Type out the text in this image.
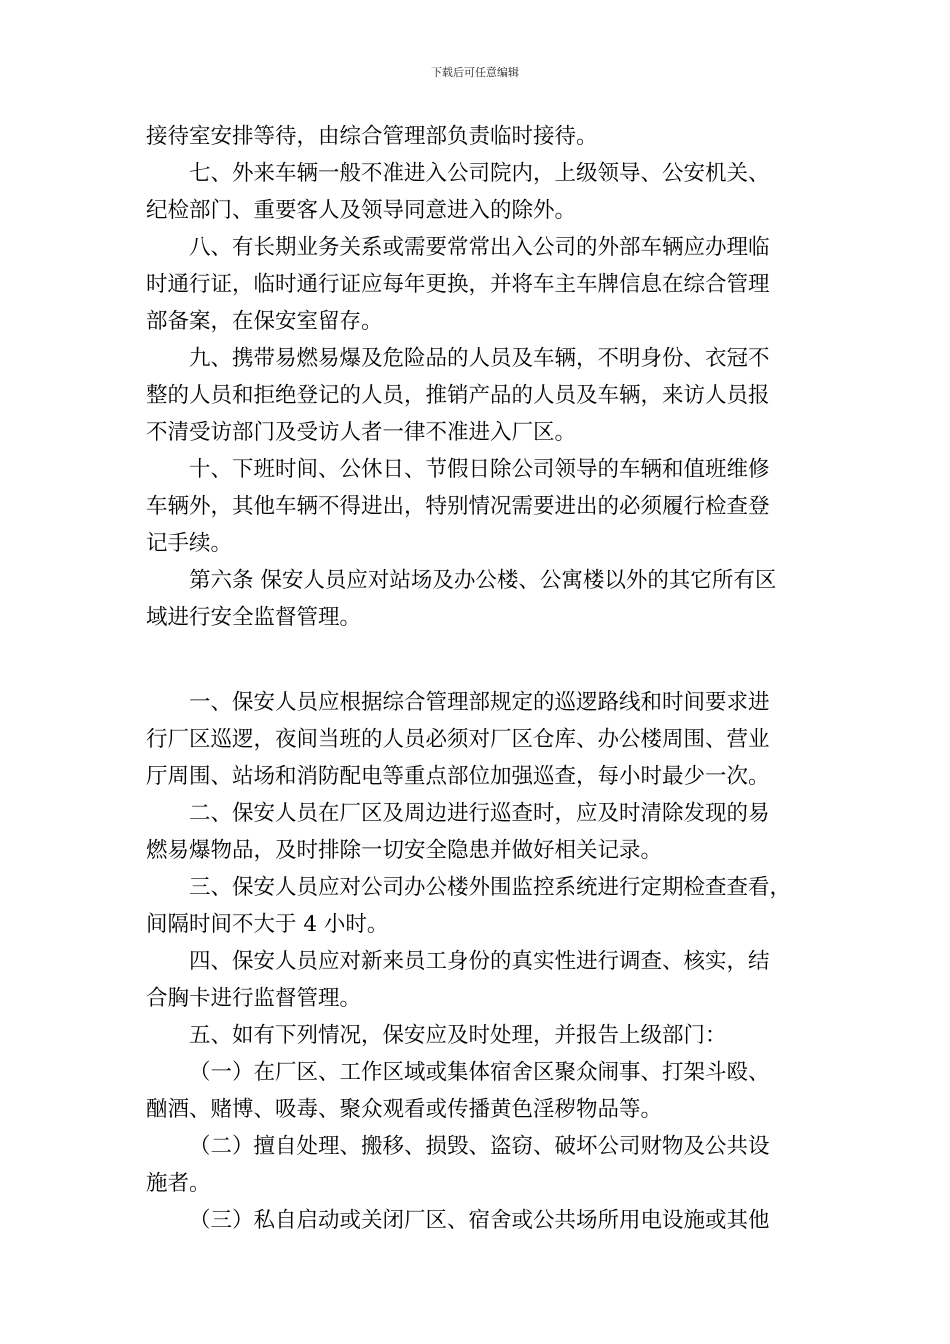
下载后可任意编辑
接待室安排等待，由综合管理部负责临时接待。
七、外来车辆一般不准进入公司院内，上级领导、公安机关、
纪检部门、重要客人及领导同意进入的除外。
八、有长期业务关系或需要常常出入公司的外部车辆应办理临
时通行证，临时通行证应每年更换，并将车主车牌信息在综合管理
部备案，在保安室留存。
九、携带易燃易爆及危险品的人员及车辆，不明身份、衣冠不
整的人员和拒绝登记的人员，推销产品的人员及车辆，来访人员报
不清受访部门及受访人者一律不准进入厂区。
十、下班时间、公休日、节假日除公司领导的车辆和值班维修
车辆外，其他车辆不得进出，特别情况需要进出的必须履行检查登
记手续。
第六条 保安人员应对站场及办公楼、公寓楼以外的其它所有区
域进行安全监督管理。
一、保安人员应根据综合管理部规定的巡逻路线和时间要求进
行厂区巡逻，夜间当班的人员必须对厂区仓库、办公楼周围、营业
厅周围、站场和消防配电等重点部位加强巡查，每小时最少一次。
二、保安人员在厂区及周边进行巡查时，应及时清除发现的易
燃易爆物品，及时排除一切安全隐患并做好相关记录。
三、保安人员应对公司办公楼外围监控系统进行定期检查查看，
间隔时间不大于 4 小时。
四、保安人员应对新来员工身份的真实性进行调查、核实，结
合胸卡进行监督管理。
五、如有下列情况，保安应及时处理，并报告上级部门：
（一）在厂区、工作区域或集体宿舍区聚众闹事、打架斗殴、
酗酒、赌博、吸毒、聚众观看或传播黄色淫秽物品等。
（二）擅自处理、搬移、损毁、盗窃、破坏公司财物及公共设
施者。
（三）私自启动或关闭厂区、宿舍或公共场所用电设施或其他
